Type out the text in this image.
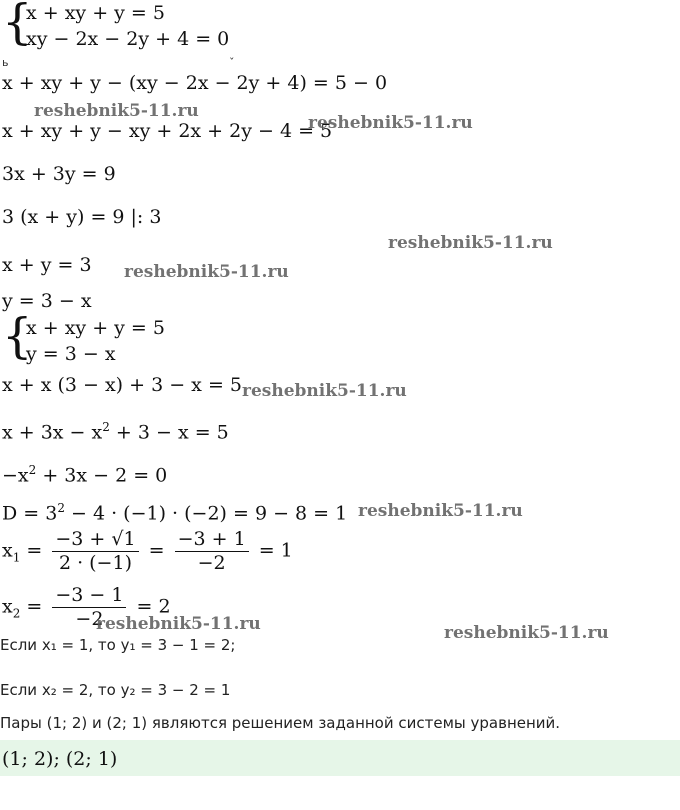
{
x + xy + y = 5
xy − 2x − 2y + 4 = 0
ь	ˇ
x + xy + y − (xy − 2x − 2y + 4) = 5 − 0
reshebnik5-11.ru
x + xy + y − xy + 2x + 2y − 4 = 5
reshebnik5-11.ru
3x + 3y = 9
3 (x + y) = 9 |: 3
reshebnik5-11.ru
x + y = 3 reshebnik5-11.ru
y = 3 − x
{
x + xy + y = 5
y = 3 − x
x + x (3 − x) + 3 − x = 5 reshebnik5-11.ru
$x + 3x - x^2 + 3 - x = 5$
$-x^2 + 3x - 2 = 0$
$D = 3^2 - 4 \cdot (-1) \cdot (-2) = 9 - 8 = 1$ reshebnik5-11.ru
$x_1 = \frac{-3 + √1}{2 \cdot (-1)} = \frac{-3 + 1}{-2} = 1$
$x_2 = \frac{-3 - 1}{-2} = 2$
reshebnik5-11.ru	reshebnik5-11.ru
Если x₁ = 1, то y₁ = 3 − 1 = 2;
Если x₂ = 2, то y₂ = 3 − 2 = 1
Пары (1; 2) и (2; 1) являются решением заданной системы уравнений.
(1; 2); (2; 1)
